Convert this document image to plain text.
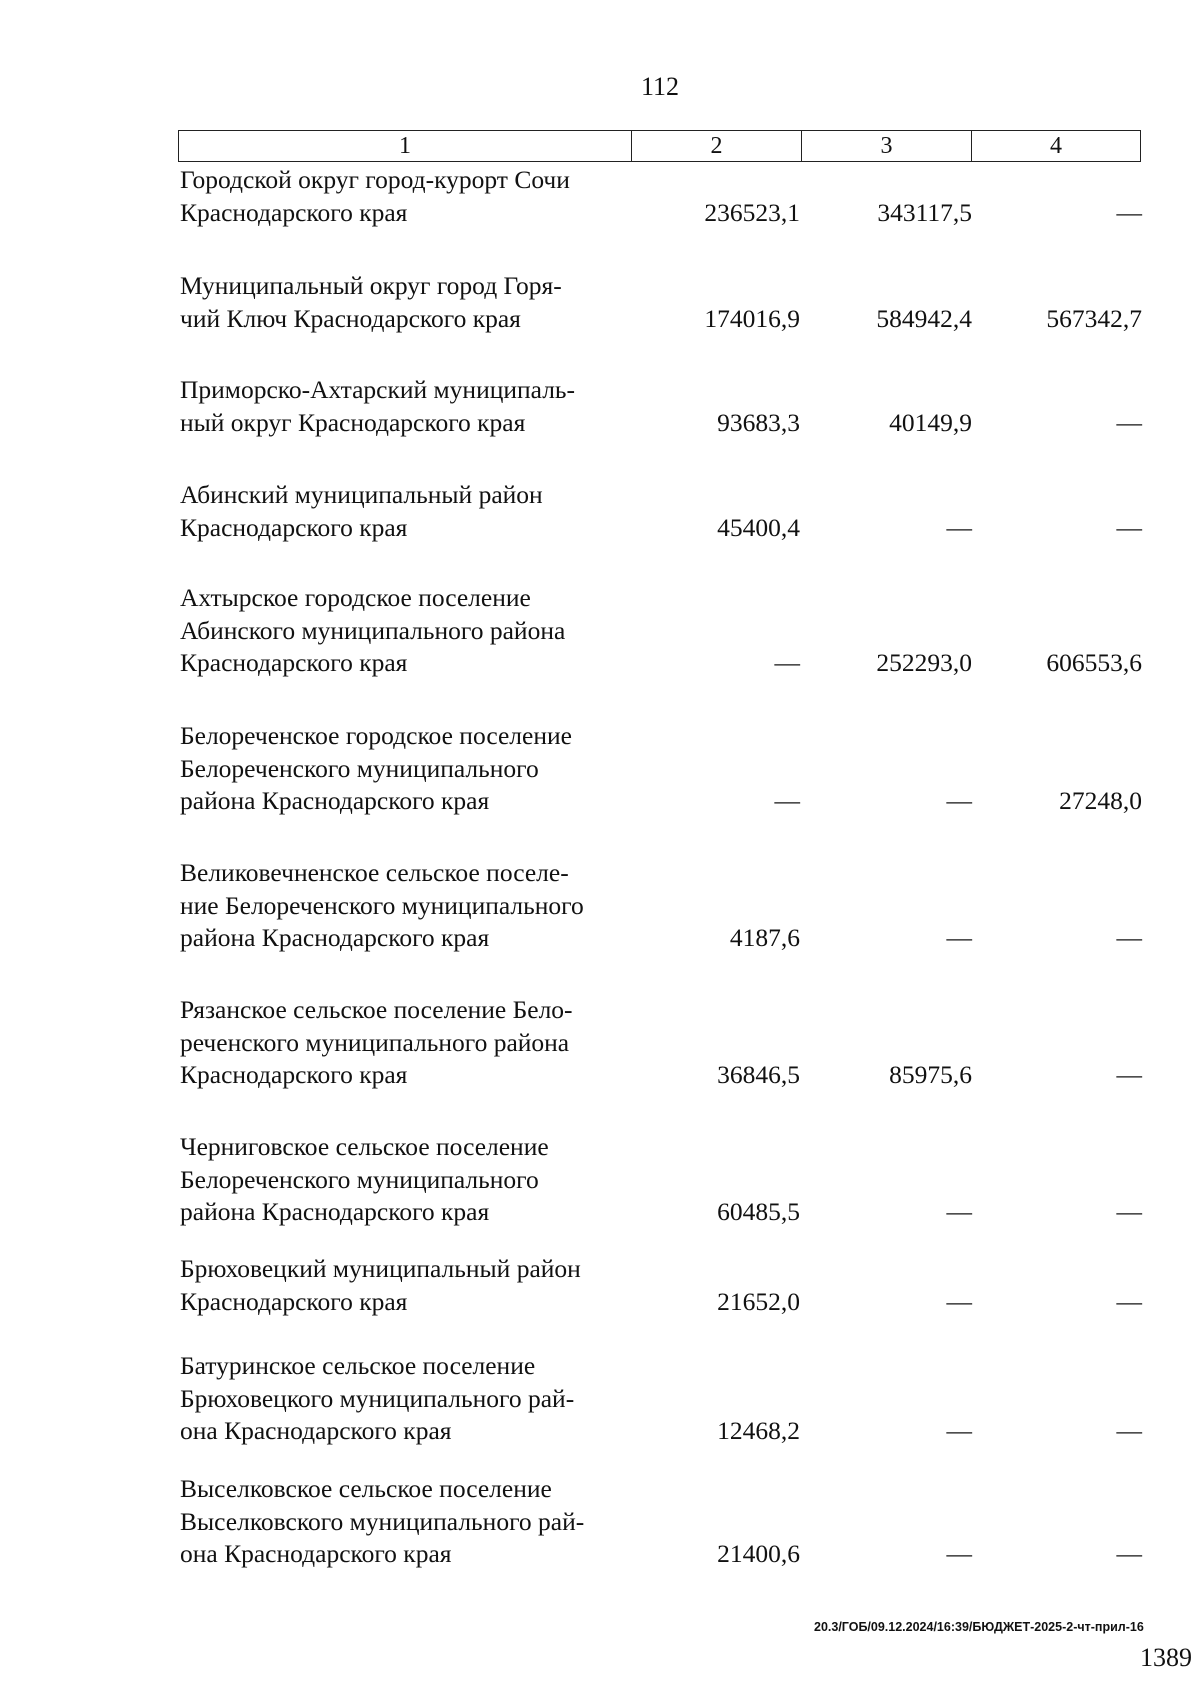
112
1	2	3	4
Городской округ город-курорт Сочи
Краснодарского края	236523,1	343117,5	—
Муниципальный округ город Горя-
чий Ключ Краснодарского края	174016,9	584942,4	567342,7
Приморско-Ахтарский муниципаль-
ный округ Краснодарского края	93683,3	40149,9	—
Абинский муниципальный район
Краснодарского края	45400,4	—	—
Ахтырское городское поселение
Абинского муниципального района
Краснодарского края	—	252293,0	606553,6
Белореченское городское поселение
Белореченского муниципального
района Краснодарского края	—	—	27248,0
Великовечненское сельское поселе-
ние Белореченского муниципального
района Краснодарского края	4187,6	—	—
Рязанское сельское поселение Бело-
реченского муниципального района
Краснодарского края	36846,5	85975,6	—
Черниговское сельское поселение
Белореченского муниципального
района Краснодарского края	60485,5	—	—
Брюховецкий муниципальный район
Краснодарского края	21652,0	—	—
Батуринское сельское поселение
Брюховецкого муниципального рай-
она Краснодарского края	12468,2	—	—
Выселковское сельское поселение
Выселковского муниципального рай-
она Краснодарского края	21400,6	—	—
20.3/ГОБ/09.12.2024/16:39/БЮДЖЕТ-2025-2-чт-прил-16
1389
